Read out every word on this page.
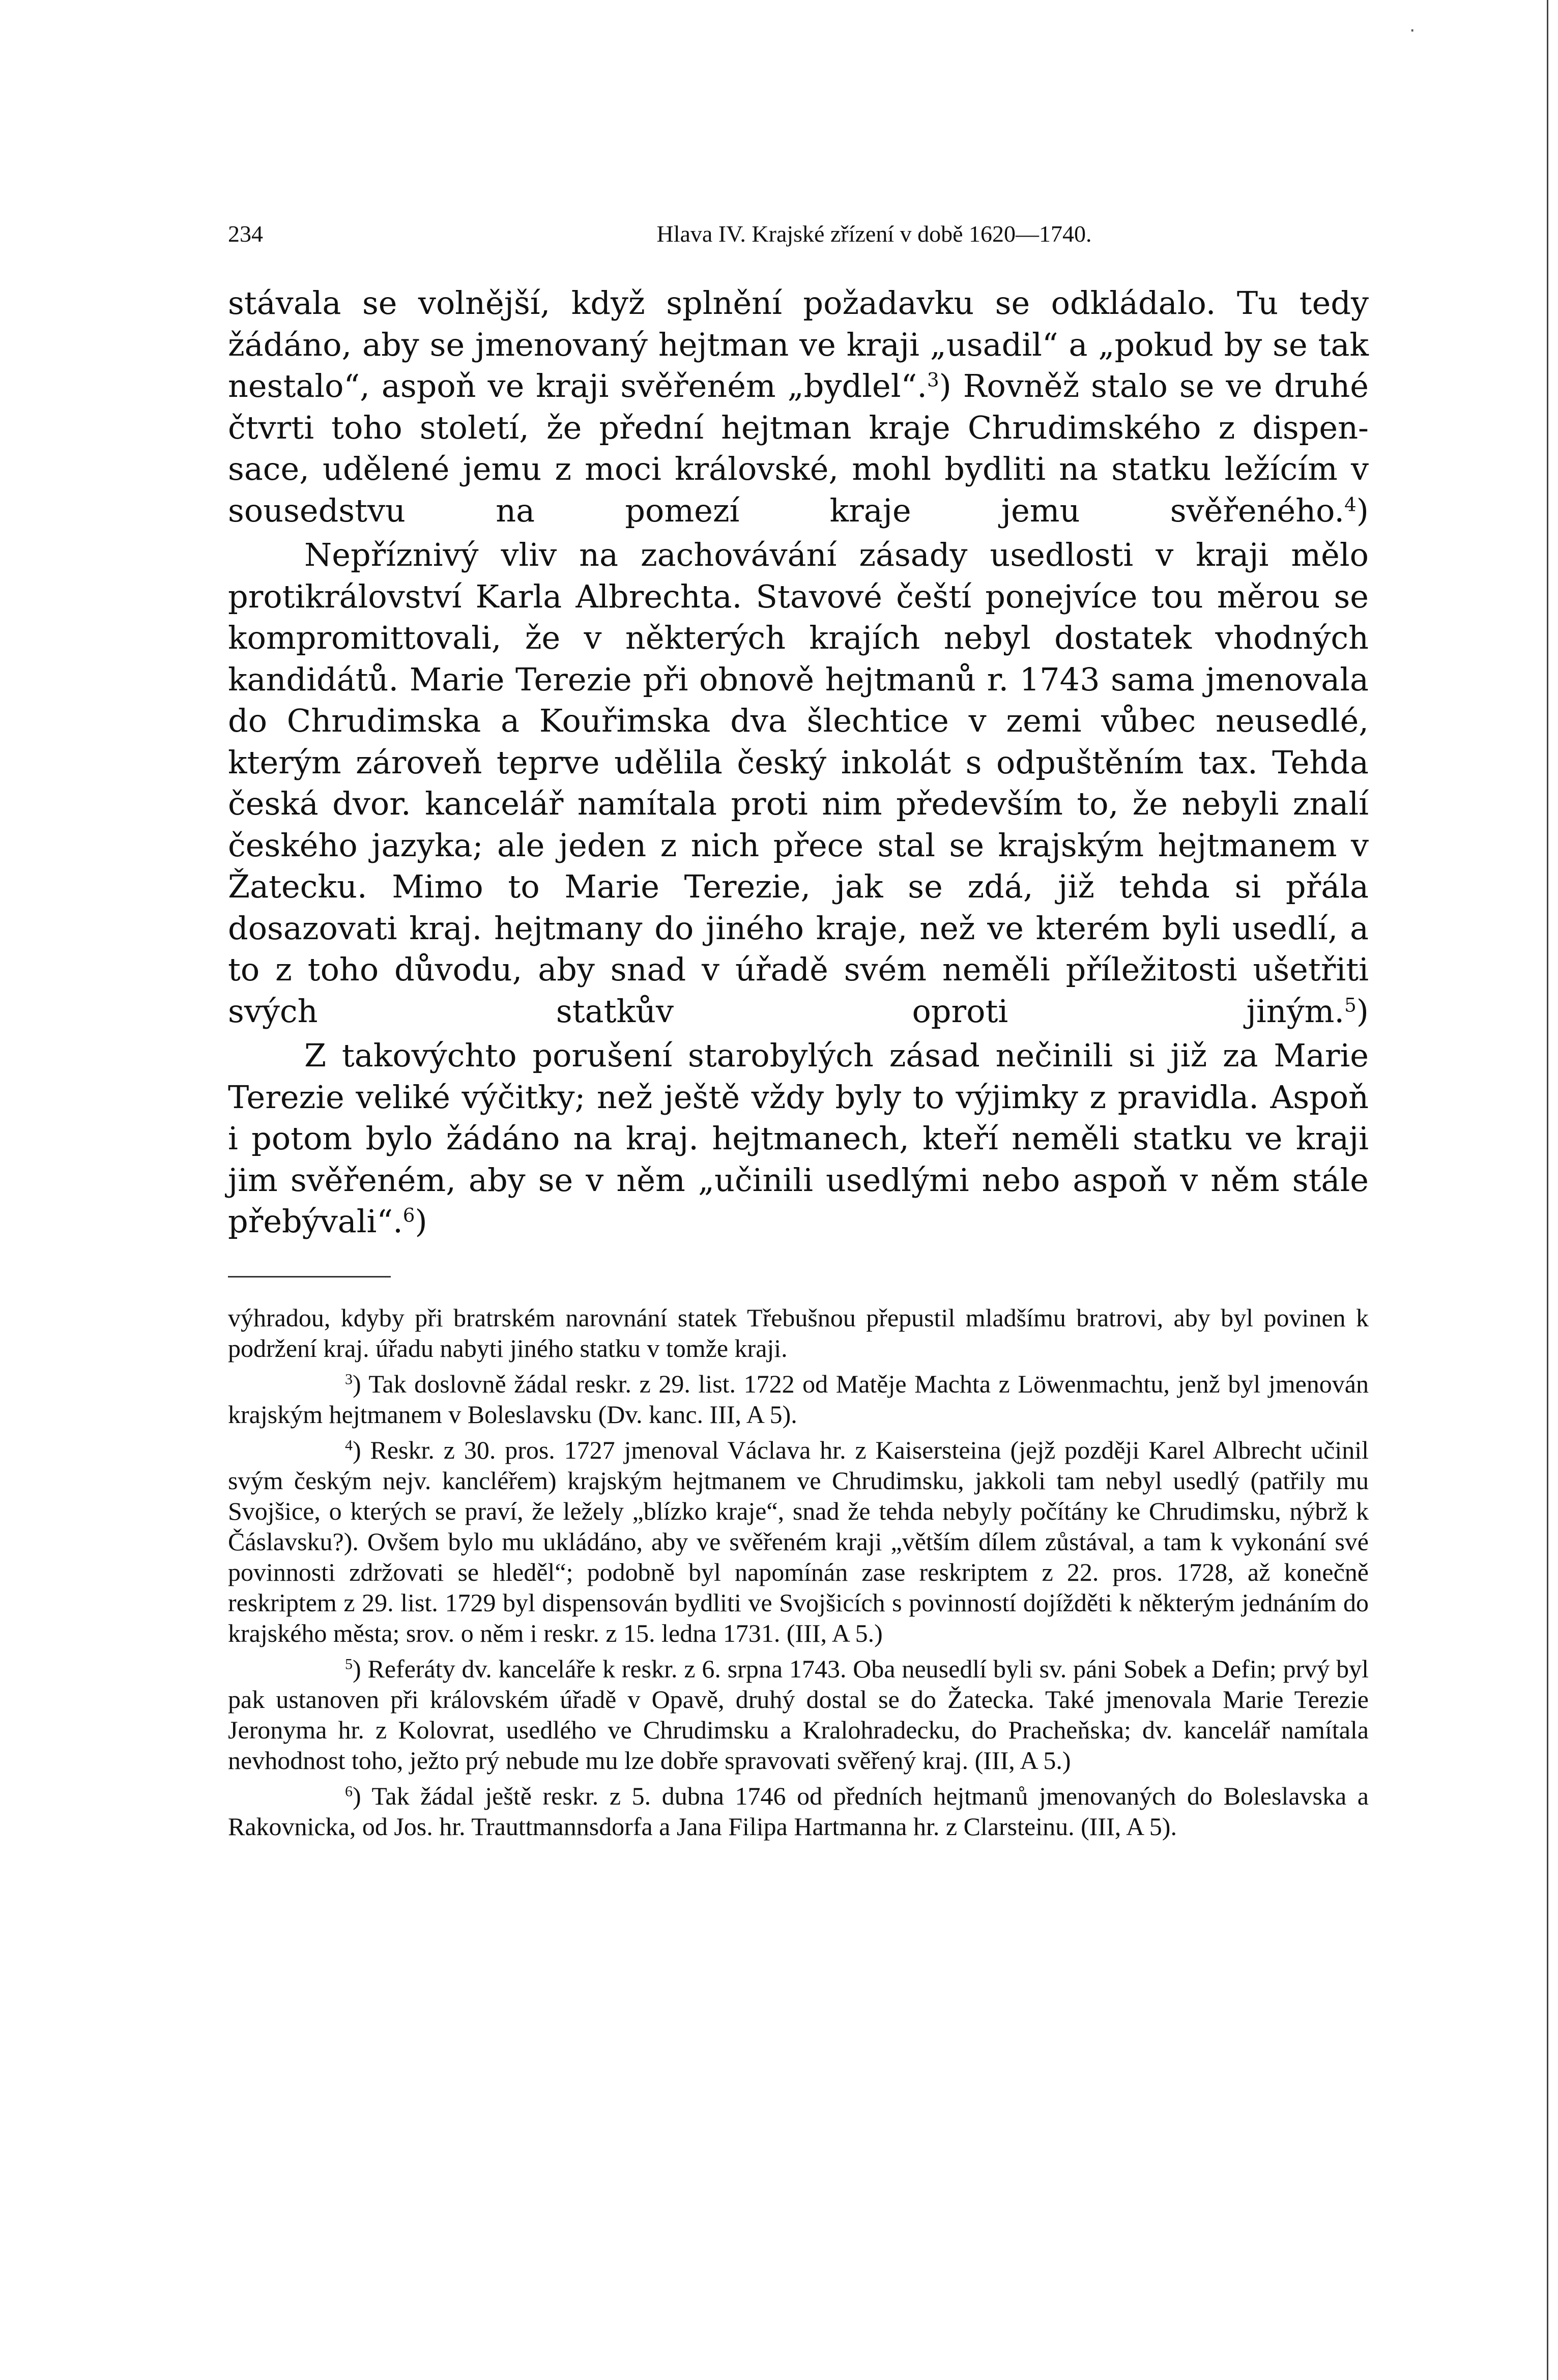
·
234	Hlava IV. Krajské zřízení v době 1620—1740.

stávala se volnější, když splnění požadavku se odkládalo. Tu tedy žádáno, aby se jmenovaný hejtman ve kraji „usadil“ a „pokud by se tak nestalo“, aspoň ve kraji svěřeném „bydlel“.$^3$) Rovněž stalo se ve druhé čtvrti toho století, že přední hejtman kraje Chrudimského z dispen- sace, udělené jemu z moci královské, mohl bydliti na statku ležícím v sousedstvu na pomezí kraje jemu svěřeného.$^4$)

Nepříznivý vliv na zachovávání zásady usedlosti v kraji mělo protikrálovství Karla Albrechta. Stavové čeští ponejvíce tou měrou se kompromittovali, že v některých krajích nebyl dostatek vhodných kandidátů. Marie Terezie při obnově hejtmanů r. 1743 sama jmenovala do Chrudimska a Kouřimska dva šlechtice v zemi vůbec neusedlé, kterým zároveň teprve udělila český inkolát s odpuštěním tax. Tehda česká dvor. kancelář namítala proti nim především to, že nebyli znalí českého jazyka; ale jeden z nich přece stal se krajským hejtmanem v Žatecku. Mimo to Marie Terezie, jak se zdá, již tehda si přála dosazovati kraj. hejtmany do jiného kraje, než ve kterém byli usedlí, a to z toho důvodu, aby snad v úřadě svém neměli příležitosti ušetřiti svých statkův oproti jiným.$^5$)

Z takovýchto porušení starobylých zásad nečinili si již za Marie Terezie veliké výčitky; než ještě vždy byly to výjimky z pravidla. Aspoň i potom bylo žádáno na kraj. hejtmanech, kteří neměli statku ve kraji jim svěřeném, aby se v něm „učinili usedlými nebo aspoň v něm stále přebývali“.$^6$)

výhradou, kdyby při bratrském narovnání statek Třebušnou přepustil mladšímu bratrovi, aby byl povinen k podržení kraj. úřadu nabyti jiného statku v tomže kraji.

$^3$) Tak doslovně žádal reskr. z 29. list. 1722 od Matěje Machta z Löwenmachtu, jenž byl jmenován krajským hejtmanem v Boleslavsku (Dv. kanc. III, A 5).

$^4$) Reskr. z 30. pros. 1727 jmenoval Václava hr. z Kaisersteina (jejž později Karel Albrecht učinil svým českým nejv. kancléřem) krajským hejtmanem ve Chrudimsku, jakkoli tam nebyl usedlý (patřily mu Svojšice, o kterých se praví, že ležely „blízko kraje“, snad že tehda nebyly počítány ke Chrudimsku, nýbrž k Čáslavsku?). Ovšem bylo mu ukládáno, aby ve svěřeném kraji „větším dílem zůstával, a tam k vykonání své povinnosti zdržovati se hleděl“; podobně byl napomínán zase reskriptem z 22. pros. 1728, až konečně reskriptem z 29. list. 1729 byl dispensován bydliti ve Svojšicích s povinností dojížděti k některým jednáním do krajského města; srov. o něm i reskr. z 15. ledna 1731. (III, A 5.)

$^5$) Referáty dv. kanceláře k reskr. z 6. srpna 1743. Oba neusedlí byli sv. páni Sobek a Defin; prvý byl pak ustanoven při královském úřadě v Opavě, druhý dostal se do Žatecka. Také jmenovala Marie Terezie Jeronyma hr. z Kolovrat, usedlého ve Chrudimsku a Kralohradecku, do Pracheňska; dv. kancelář namítala nevhodnost toho, ježto prý nebude mu lze dobře spravovati svěřený kraj. (III, A 5.)

$^6$) Tak žádal ještě reskr. z 5. dubna 1746 od předních hejtmanů jmenovaných do Boleslavska a Rakovnicka, od Jos. hr. Trauttmannsdorfa a Jana Filipa Hartmanna hr. z Clarsteinu. (III, A 5).
